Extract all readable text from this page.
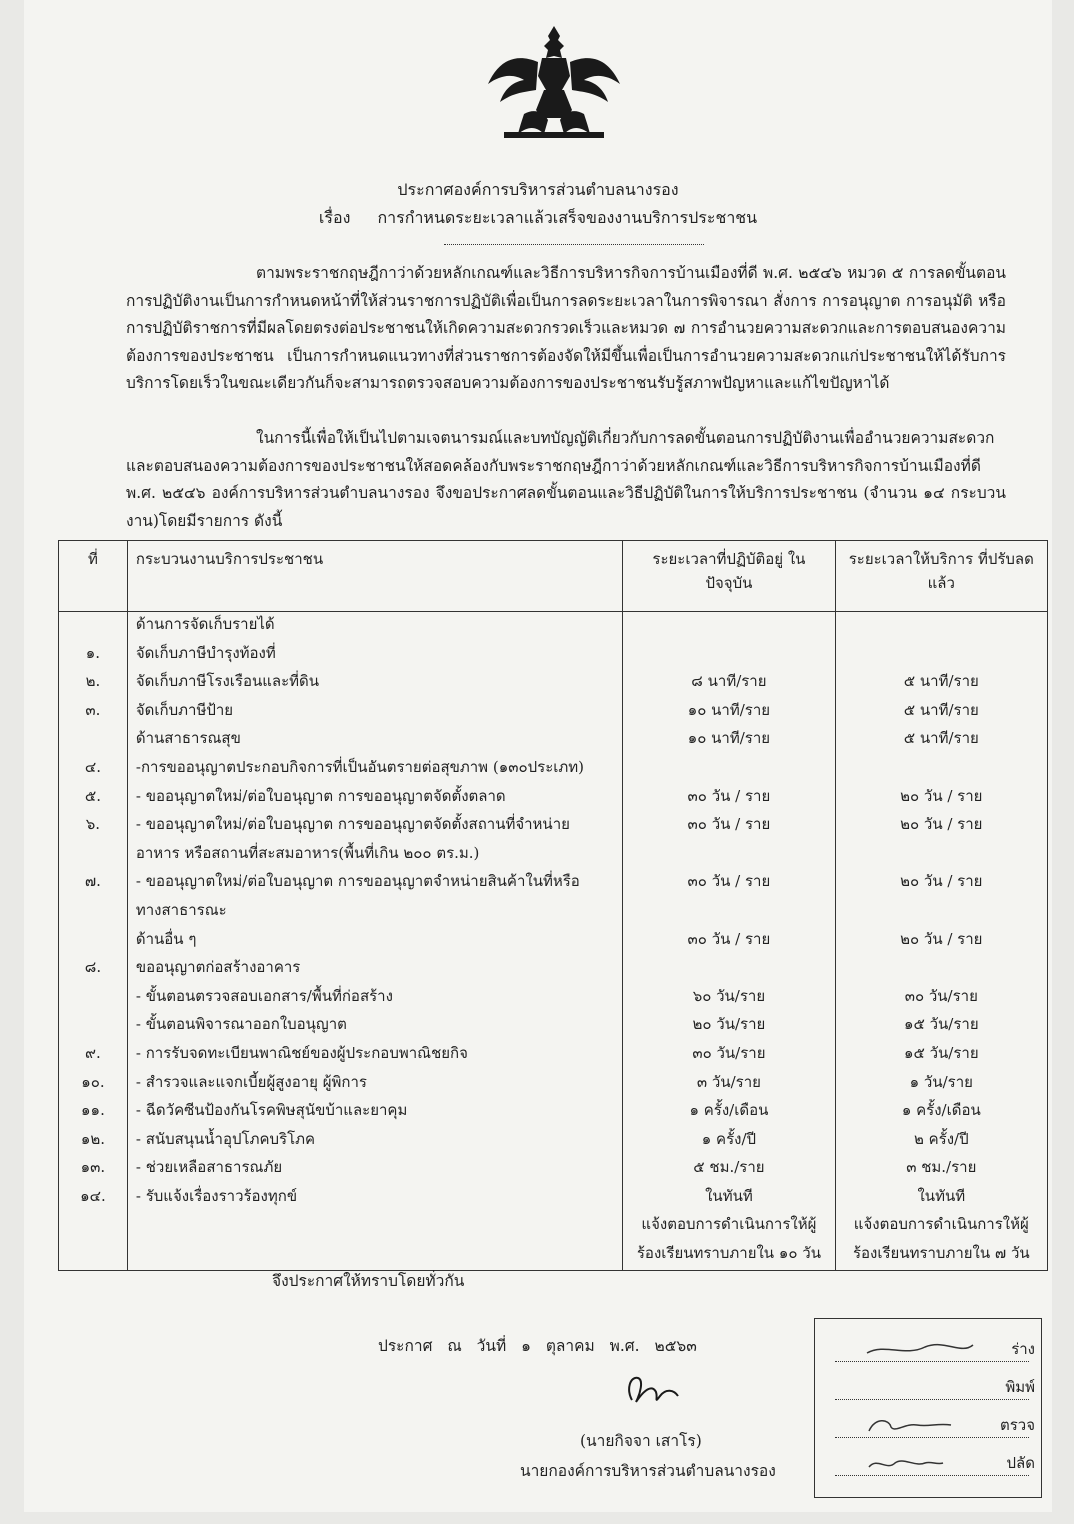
ประกาศองค์การบริหารส่วนตำบลนางรอง
เรื่อง การกำหนดระยะเวลาแล้วเสร็จของงานบริการประชาชน

ตามพระราชกฤษฎีกาว่าด้วยหลักเกณฑ์และวิธีการบริหารกิจการบ้านเมืองที่ดี พ.ศ. ๒๕๔๖ หมวด ๕ การลดขั้นตอนการปฏิบัติงานเป็นการกำหนดหน้าที่ให้ส่วนราชการปฏิบัติเพื่อเป็นการลดระยะเวลาในการพิจารณา สั่งการ การอนุญาต การอนุมัติ หรือการปฏิบัติราชการที่มีผลโดยตรงต่อประชาชนให้เกิดความสะดวกรวดเร็วและหมวด ๗ การอำนวยความสะดวกและการตอบสนองความต้องการของประชาชน เป็นการกำหนดแนวทางที่ส่วนราชการต้องจัดให้มีขึ้นเพื่อเป็นการอำนวยความสะดวกแก่ประชาชนให้ได้รับการบริการโดยเร็วในขณะเดียวกันก็จะสามารถตรวจสอบความต้องการของประชาชนรับรู้สภาพปัญหาและแก้ไขปัญหาได้

ในการนี้เพื่อให้เป็นไปตามเจตนารมณ์และบทบัญญัติเกี่ยวกับการลดขั้นตอนการปฏิบัติงานเพื่ออำนวยความสะดวกและตอบสนองความต้องการของประชาชนให้สอดคล้องกับพระราชกฤษฎีกาว่าด้วยหลักเกณฑ์และวิธีการบริหารกิจการบ้านเมืองที่ดี พ.ศ. ๒๕๔๖ องค์การบริหารส่วนตำบลนางรอง จึงขอประกาศลดขั้นตอนและวิธีปฏิบัติในการให้บริการประชาชน (จำนวน ๑๔ กระบวนงาน)โดยมีรายการ ดังนี้

ที่	กระบวนงานบริการประชาชน	ระยะเวลาที่ปฏิบัติอยู่ ในปัจจุบัน	ระยะเวลาให้บริการ ที่ปรับลดแล้ว
	ด้านการจัดเก็บรายได้		
๑.	จัดเก็บภาษีบำรุงท้องที่		
๒.	จัดเก็บภาษีโรงเรือนและที่ดิน	๘ นาที/ราย	๕ นาที/ราย
๓.	จัดเก็บภาษีป้าย	๑๐ นาที/ราย	๕ นาที/ราย
	ด้านสาธารณสุข	๑๐ นาที/ราย	๕ นาที/ราย
๔.	-การขออนุญาตประกอบกิจการที่เป็นอันตรายต่อสุขภาพ (๑๓๐ประเภท)		
๕.	- ขออนุญาตใหม่/ต่อใบอนุญาต การขออนุญาตจัดตั้งตลาด	๓๐ วัน / ราย	๒๐ วัน / ราย
๖.	- ขออนุญาตใหม่/ต่อใบอนุญาต การขออนุญาตจัดตั้งสถานที่จำหน่าย	๓๐ วัน / ราย	๒๐ วัน / ราย
	อาหาร หรือสถานที่สะสมอาหาร(พื้นที่เกิน ๒๐๐ ตร.ม.)		
๗.	- ขออนุญาตใหม่/ต่อใบอนุญาต การขออนุญาตจำหน่ายสินค้าในที่หรือ	๓๐ วัน / ราย	๒๐ วัน / ราย
	ทางสาธารณะ		
	ด้านอื่น ๆ	๓๐ วัน / ราย	๒๐ วัน / ราย
๘.	ขออนุญาตก่อสร้างอาคาร		
	- ขั้นตอนตรวจสอบเอกสาร/พื้นที่ก่อสร้าง	๖๐ วัน/ราย	๓๐ วัน/ราย
	- ขั้นตอนพิจารณาออกใบอนุญาต	๒๐ วัน/ราย	๑๕ วัน/ราย
๙.	- การรับจดทะเบียนพาณิชย์ของผู้ประกอบพาณิชยกิจ	๓๐ วัน/ราย	๑๕ วัน/ราย
๑๐.	- สำรวจและแจกเบี้ยผู้สูงอายุ ผู้พิการ	๓ วัน/ราย	๑ วัน/ราย
๑๑.	- ฉีดวัคซีนป้องกันโรคพิษสุนัขบ้าและยาคุม	๑ ครั้ง/เดือน	๑ ครั้ง/เดือน
๑๒.	- สนับสนุนน้ำอุปโภคบริโภค	๑ ครั้ง/ปี	๒ ครั้ง/ปี
๑๓.	- ช่วยเหลือสาธารณภัย	๕ ชม./ราย	๓ ชม./ราย
๑๔.	- รับแจ้งเรื่องราวร้องทุกข์	ในทันที	ในทันที
		แจ้งตอบการดำเนินการให้ผู้	แจ้งตอบการดำเนินการให้ผู้
		ร้องเรียนทราบภายใน ๑๐ วัน	ร้องเรียนทราบภายใน ๗ วัน
จึงประกาศให้ทราบโดยทั่วกัน
ประกาศ ณ วันที่ ๑ ตุลาคม พ.ศ. ๒๕๖๓
(นายกิจจา เสาโร)
นายกองค์การบริหารส่วนตำบลนางรอง
ร่าง
พิมพ์
ตรวจ
ปลัด
